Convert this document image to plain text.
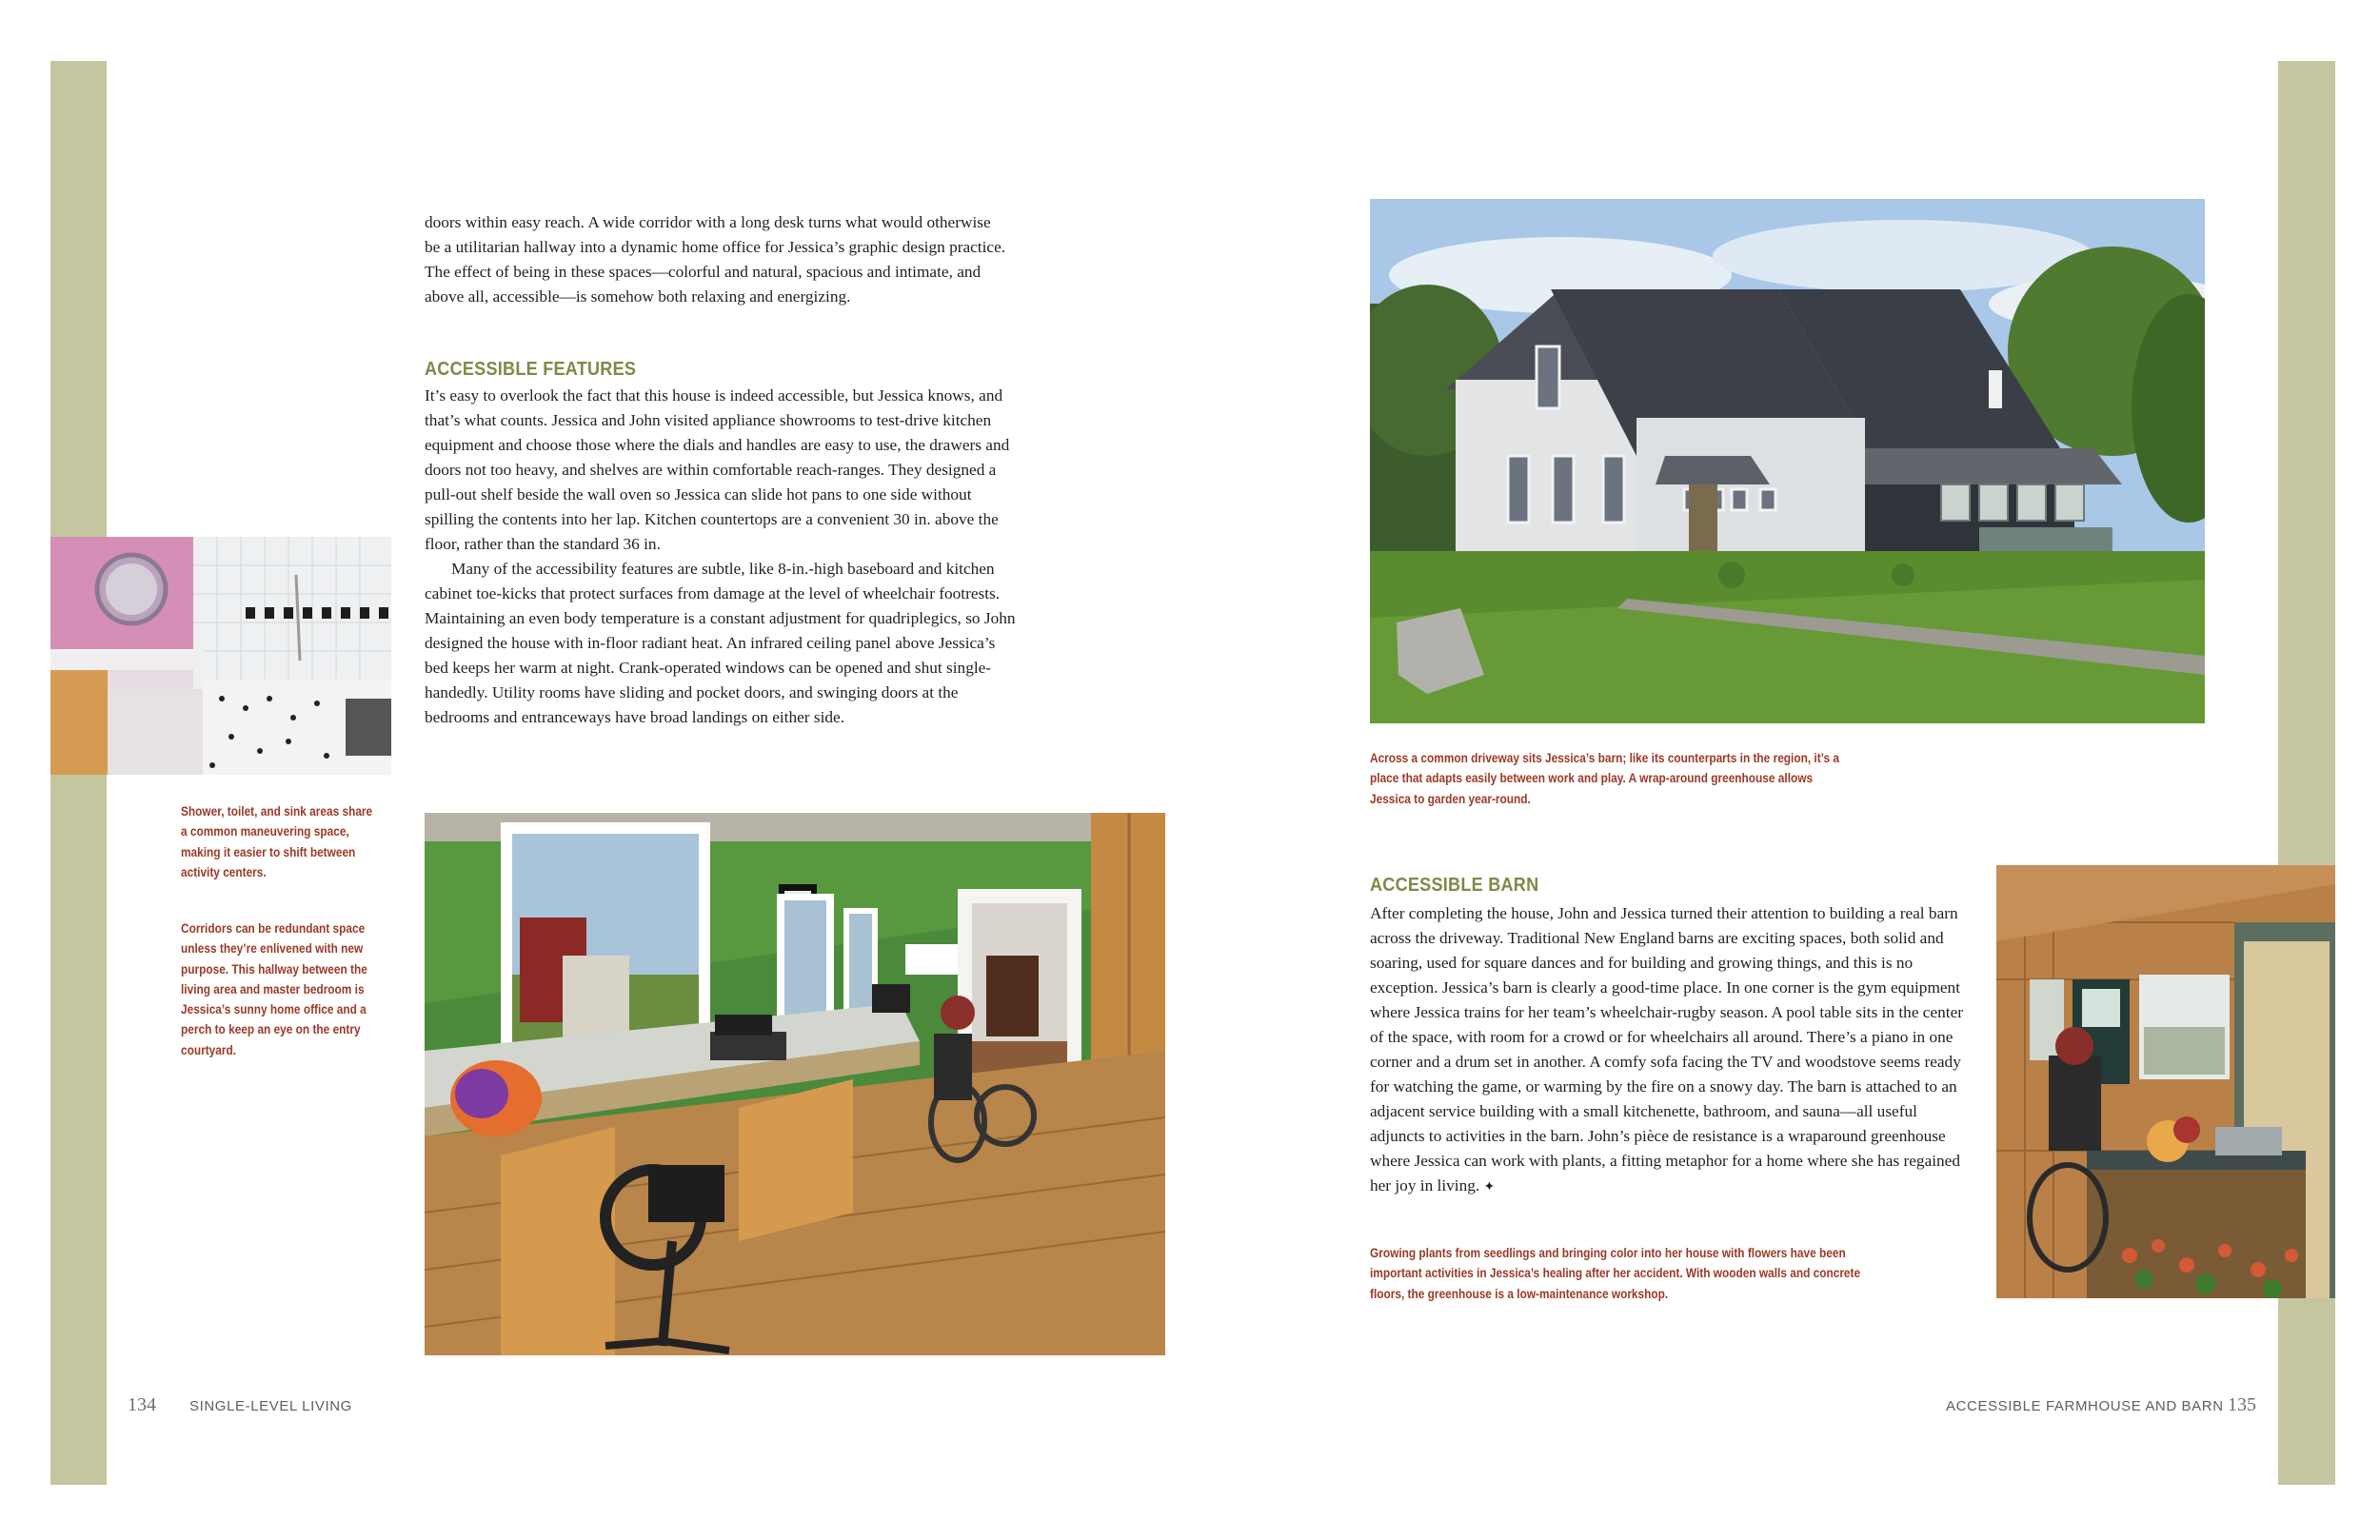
doors within easy reach. A wide corridor with a long desk turns what would otherwise be a utilitarian hallway into a dynamic home office for Jessica’s graphic design practice. The effect of being in these spaces—colorful and natural, spacious and intimate, and above all, accessible—is somehow both relaxing and energizing.

ACCESSIBLE FEATURES

It’s easy to overlook the fact that this house is indeed accessible, but Jessica knows, and that’s what counts. Jessica and John visited appliance showrooms to test-drive kitchen equipment and choose those where the dials and handles are easy to use, the drawers and doors not too heavy, and shelves are within comfortable reach-ranges. They designed a pull-out shelf beside the wall oven so Jessica can slide hot pans to one side without spilling the contents into her lap. Kitchen countertops are a convenient 30 in. above the floor, rather than the standard 36 in.

Many of the accessibility features are subtle, like 8-in.-high baseboard and kitchen cabinet toe-kicks that protect surfaces from damage at the level of wheelchair footrests. Maintaining an even body temperature is a constant adjustment for quadriplegics, so John designed the house with in-floor radiant heat. An infrared ceiling panel above Jessica’s bed keeps her warm at night. Crank-operated windows can be opened and shut single-handedly. Utility rooms have sliding and pocket doors, and swinging doors at the bedrooms and entranceways have broad landings on either side.

Shower, toilet, and sink areas share a common maneuvering space, making it easier to shift between activity centers.

Corridors can be redundant space unless they’re enlivened with new purpose. This hallway between the living area and master bedroom is Jessica’s sunny home office and a perch to keep an eye on the entry courtyard.

134 SINGLE-LEVEL LIVING

Across a common driveway sits Jessica’s barn; like its counterparts in the region, it’s a place that adapts easily between work and play. A wrap-around greenhouse allows Jessica to garden year-round.

ACCESSIBLE BARN

After completing the house, John and Jessica turned their attention to building a real barn across the driveway. Traditional New England barns are exciting spaces, both solid and soaring, used for square dances and for building and growing things, and this is no exception. Jessica’s barn is clearly a good-time place. In one corner is the gym equipment where Jessica trains for her team’s wheelchair-rugby season. A pool table sits in the center of the space, with room for a crowd or for wheelchairs all around. There’s a piano in one corner and a drum set in another. A comfy sofa facing the TV and woodstove seems ready for watching the game, or warming by the fire on a snowy day. The barn is attached to an adjacent service building with a small kitchenette, bathroom, and sauna—all useful adjuncts to activities in the barn. John’s pièce de resistance is a wraparound greenhouse where Jessica can work with plants, a fitting metaphor for a home where she has regained her joy in living. ✦

Growing plants from seedlings and bringing color into her house with flowers have been important activities in Jessica’s healing after her accident. With wooden walls and concrete floors, the greenhouse is a low-maintenance workshop.

ACCESSIBLE FARMHOUSE AND BARN 135
